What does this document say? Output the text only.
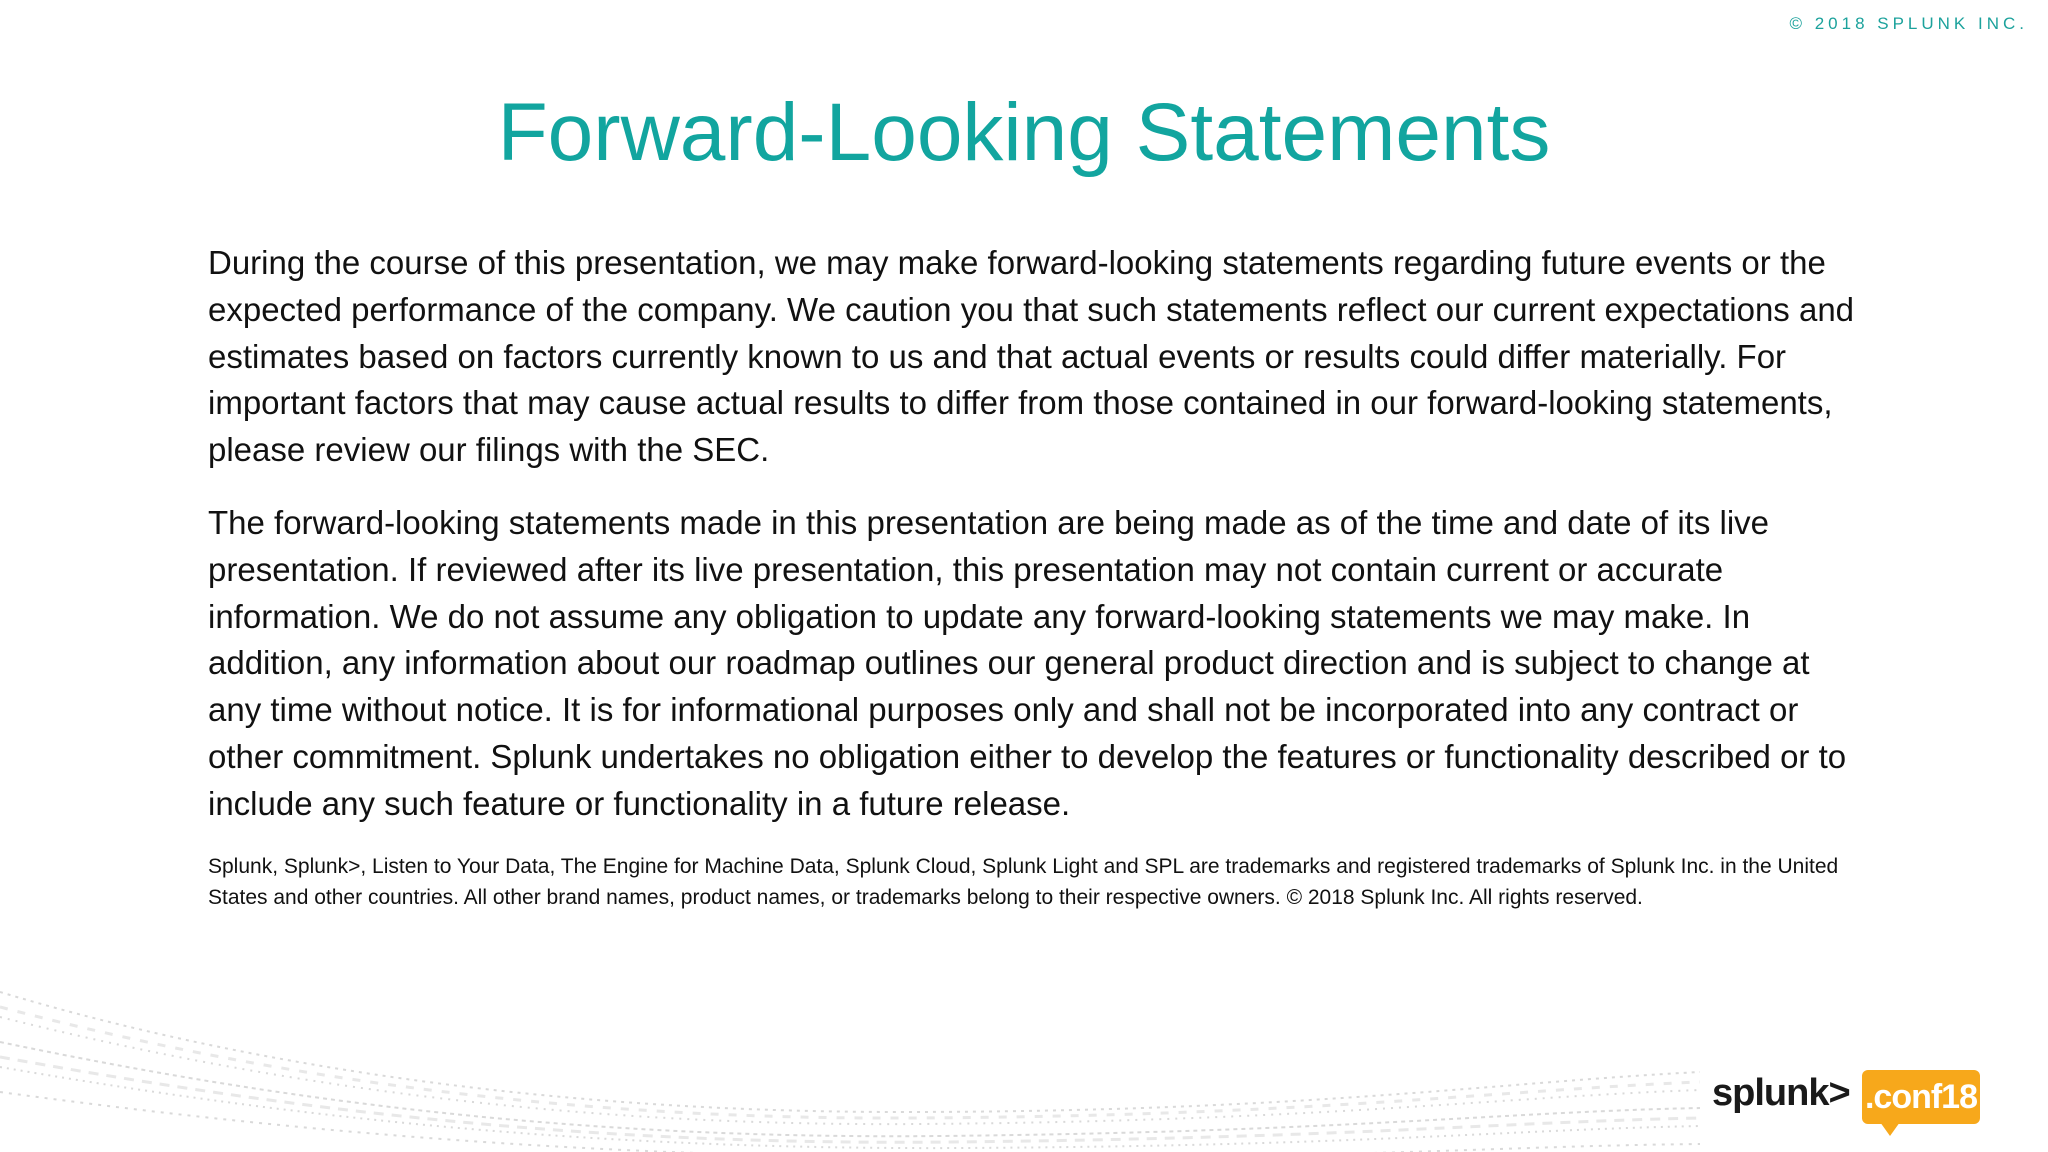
© 2018 SPLUNK INC.
Forward-Looking Statements

During the course of this presentation, we may make forward-looking statements regarding future events or the expected performance of the company. We caution you that such statements reflect our current expectations and estimates based on factors currently known to us and that actual events or results could differ materially. For important factors that may cause actual results to differ from those contained in our forward-looking statements, please review our filings with the SEC.

The forward-looking statements made in this presentation are being made as of the time and date of its live presentation. If reviewed after its live presentation, this presentation may not contain current or accurate information. We do not assume any obligation to update any forward-looking statements we may make. In addition, any information about our roadmap outlines our general product direction and is subject to change at any time without notice. It is for informational purposes only and shall not be incorporated into any contract or other commitment. Splunk undertakes no obligation either to develop the features or functionality described or to include any such feature or functionality in a future release.

Splunk, Splunk>, Listen to Your Data, The Engine for Machine Data, Splunk Cloud, Splunk Light and SPL are trademarks and registered trademarks of Splunk Inc. in the United States and other countries. All other brand names, product names, or trademarks belong to their respective owners. © 2018 Splunk Inc. All rights reserved.

splunk> .conf18
